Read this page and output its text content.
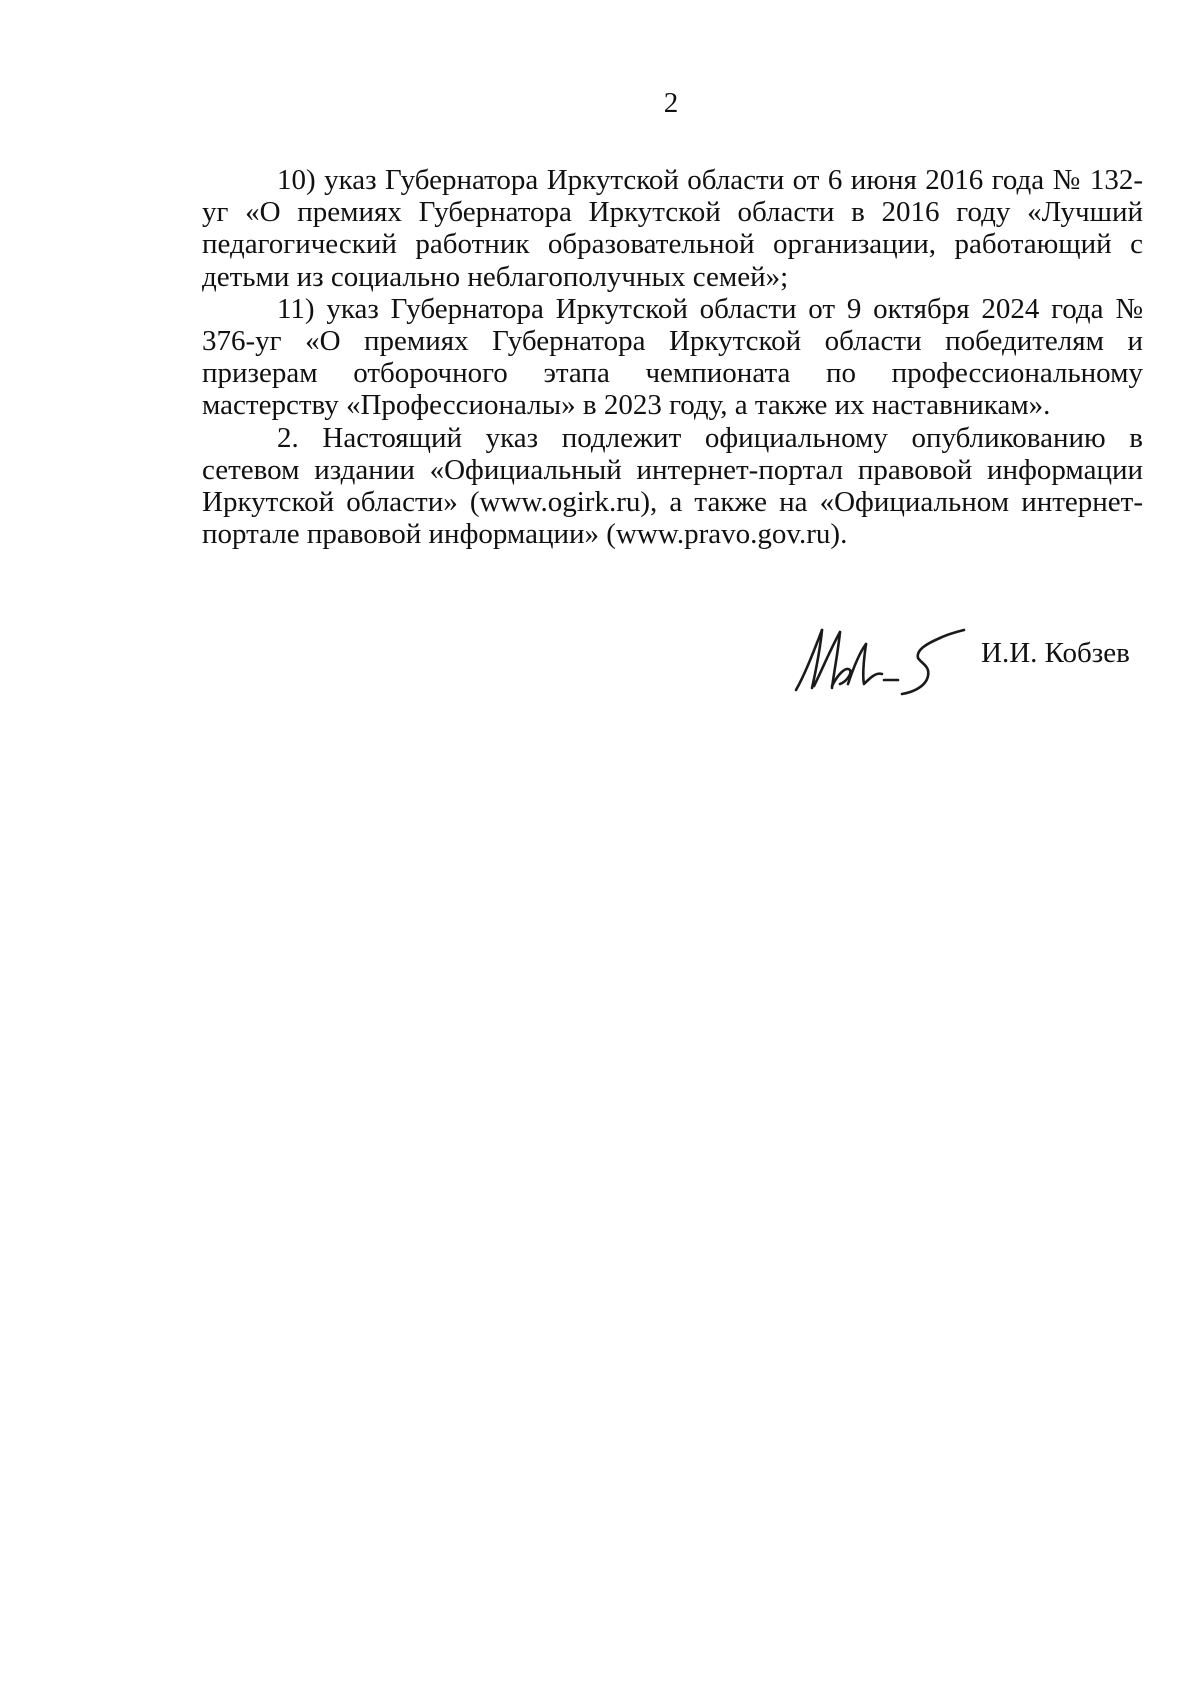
2

10) указ Губернатора Иркутской области от 6 июня 2016 года № 132-уг «О премиях Губернатора Иркутской области в 2016 году «Лучший педагогический работник образовательной организации, работающий с детьми из социально неблагополучных семей»;

11) указ Губернатора Иркутской области от 9 октября 2024 года № 376-уг «О премиях Губернатора Иркутской области победителям и призерам отборочного этапа чемпионата по профессиональному мастерству «Профессионалы» в 2023 году, а также их наставникам».

2. Настоящий указ подлежит официальному опубликованию в сетевом издании «Официальный интернет-портал правовой информации Иркутской области» (www.ogirk.ru), а также на «Официальном интернет-портале правовой информации» (www.pravo.gov.ru).

И.И. Кобзев
